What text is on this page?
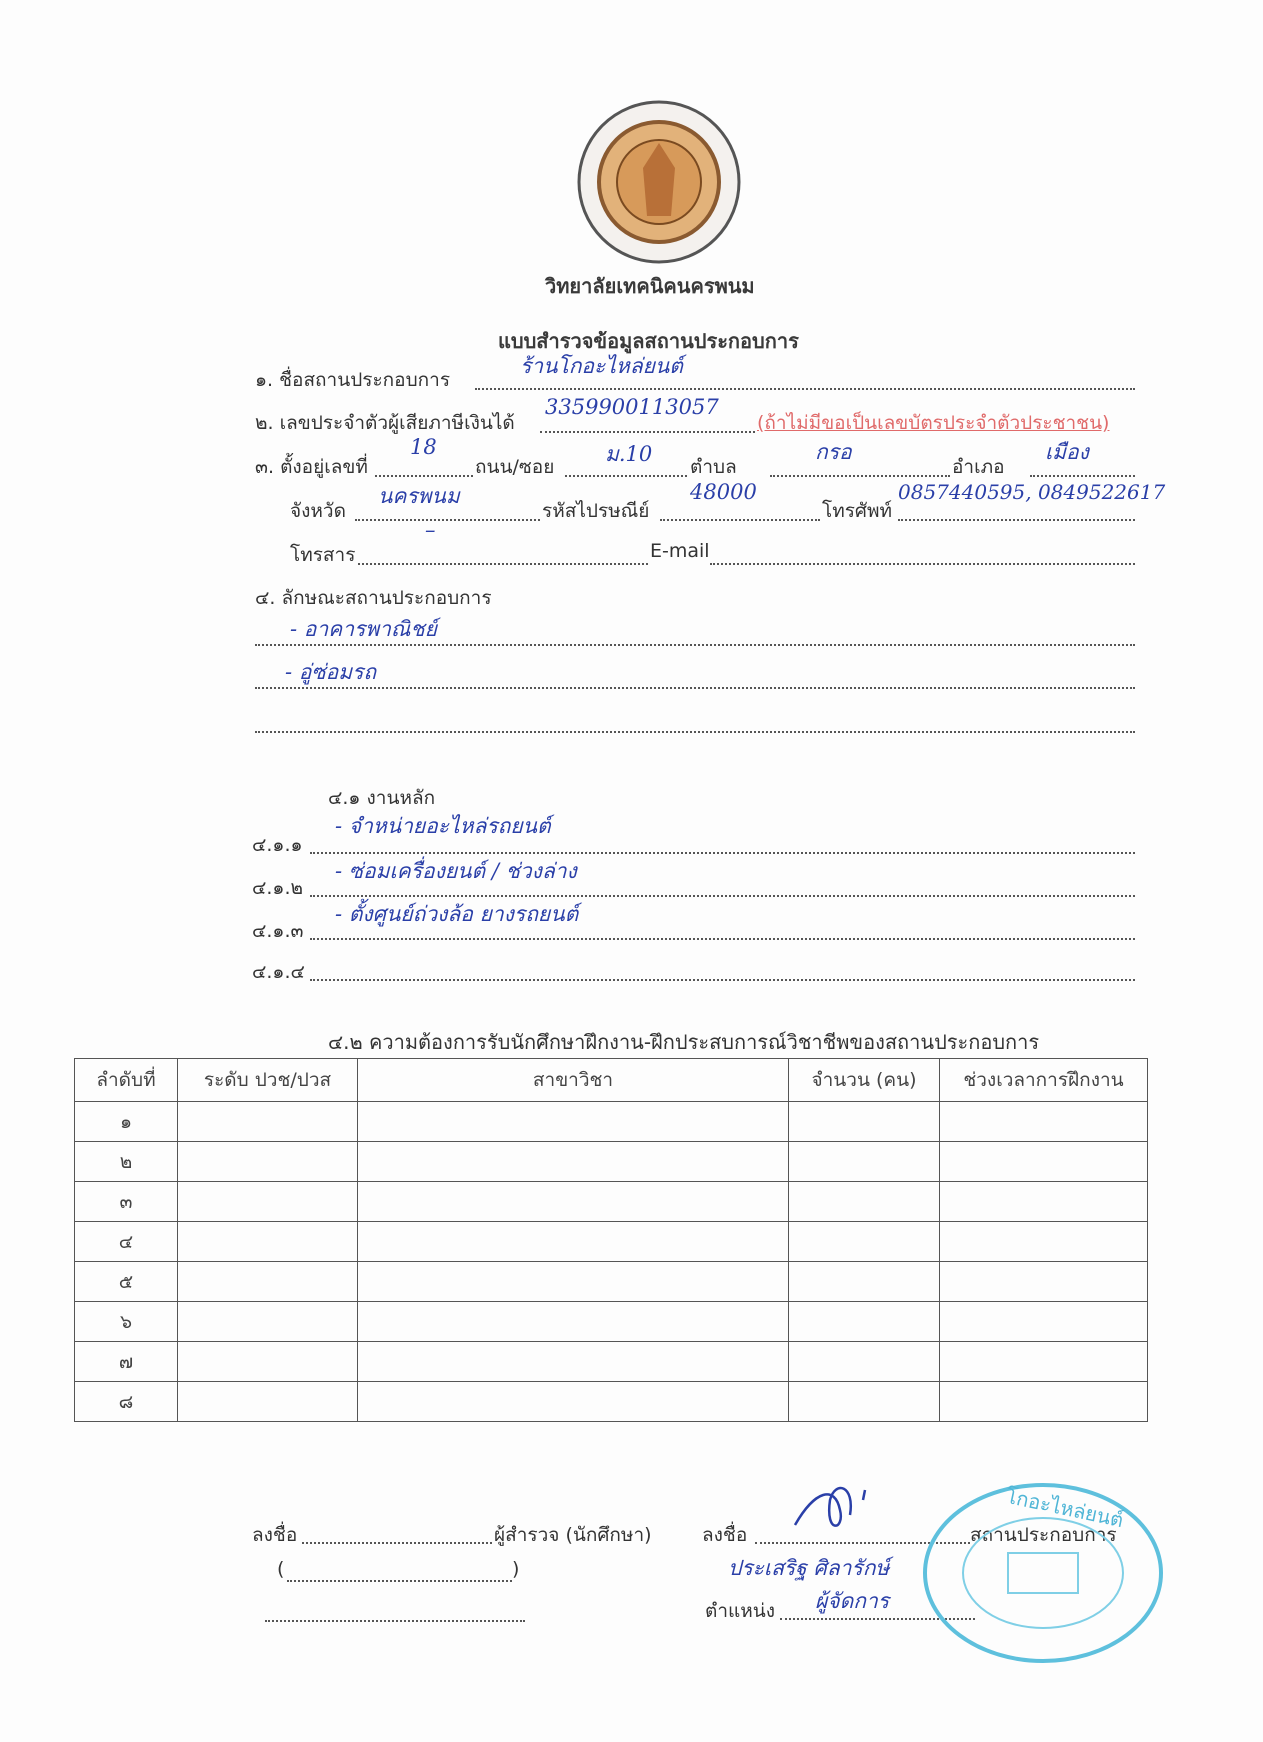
วิทยาลัยเทคนิคนครพนม
แบบสำรวจข้อมูลสถานประกอบการ
๑. ชื่อสถานประกอบการ
ร้านโกอะไหล่ยนต์
๒. เลขประจำตัวผู้เสียภาษีเงินได้
3359900113057
(ถ้าไม่มีขอเป็นเลขบัตรประจำตัวประชาชน)
๓. ตั้งอยู่เลขที่
18
ถนน/ซอย
ม.10
ตำบล
กรอ
อำเภอ
เมือง
จังหวัด
นครพนม
รหัสไปรษณีย์
48000
โทรศัพท์
0857440595, 0849522617
โทรสาร
–
E-mail
๔. ลักษณะสถานประกอบการ
- อาคารพาณิชย์
- อู่ซ่อมรถ
๔.๑ งานหลัก
๔.๑.๑
- จำหน่ายอะไหล่รถยนต์
๔.๑.๒
- ซ่อมเครื่องยนต์ / ช่วงล่าง
๔.๑.๓
- ตั้งศูนย์ถ่วงล้อ ยางรถยนต์
๔.๑.๔
๔.๒ ความต้องการรับนักศึกษาฝึกงาน-ฝึกประสบการณ์วิชาชีพของสถานประกอบการ
ลำดับที่	ระดับ ปวช/ปวส	สาขาวิชา	จำนวน (คน)	ช่วงเวลาการฝึกงาน
๑				
๒				
๓				
๔				
๕				
๖				
๗				
๘				
ลงชื่อ	ผู้สำรวจ (นักศึกษา)
(	)
ลงชื่อ	สถานประกอบการ
ประเสริฐ ศิลารักษ์
ตำแหน่ง ผู้จัดการ
โกอะไหล่ยนต์
